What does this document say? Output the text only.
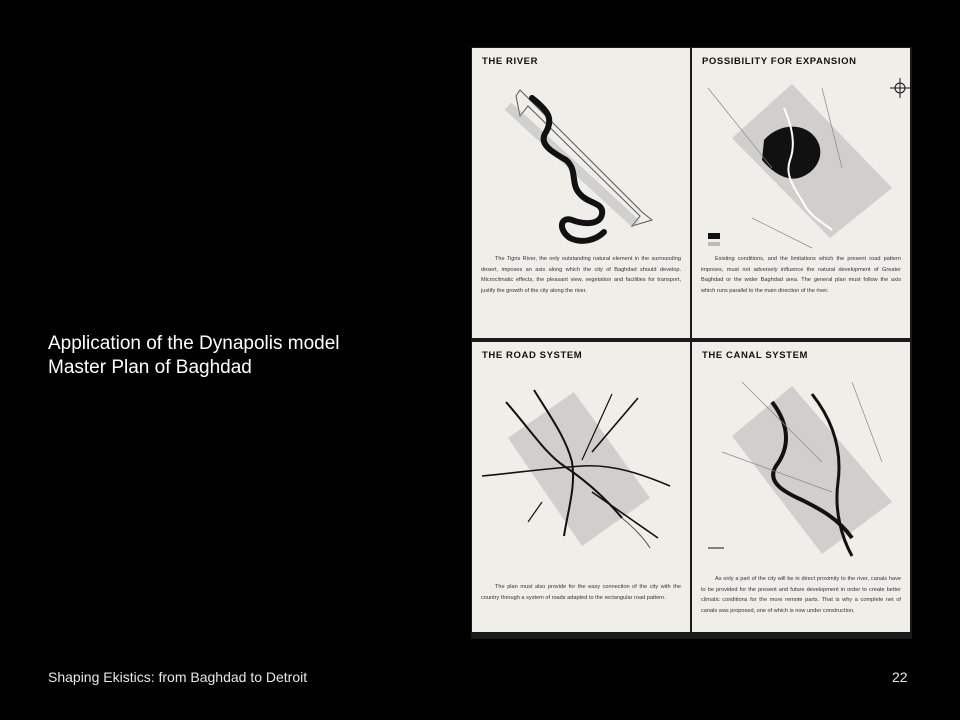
Application of the Dynapolis model
Master Plan of Baghdad
THE RIVER
The Tigris River, the only outstanding natural element in the surrounding desert, imposes an axis along which the city of Baghdad should develop. Microclimatic effects, the pleasant view, vegetation and facilities for transport, justify the growth of the city along the river.
POSSIBILITY FOR EXPANSION
Existing conditions, and the limitations which the present road pattern imposes, must not adversely influence the natural development of Greater Baghdad or the wider Baghdad area. The general plan must follow the axis which runs parallel to the main direction of the river.
THE ROAD SYSTEM
The plan must also provide for the easy connection of the city with the country through a system of roads adapted to the rectangular road pattern.
THE CANAL SYSTEM
As only a part of the city will be in direct proximity to the river, canals have to be provided for the present and future development in order to create better climatic conditions for the more remote parts. That is why a complete net of canals was proposed, one of which is now under construction.
Shaping Ekistics: from Baghdad to Detroit	22
